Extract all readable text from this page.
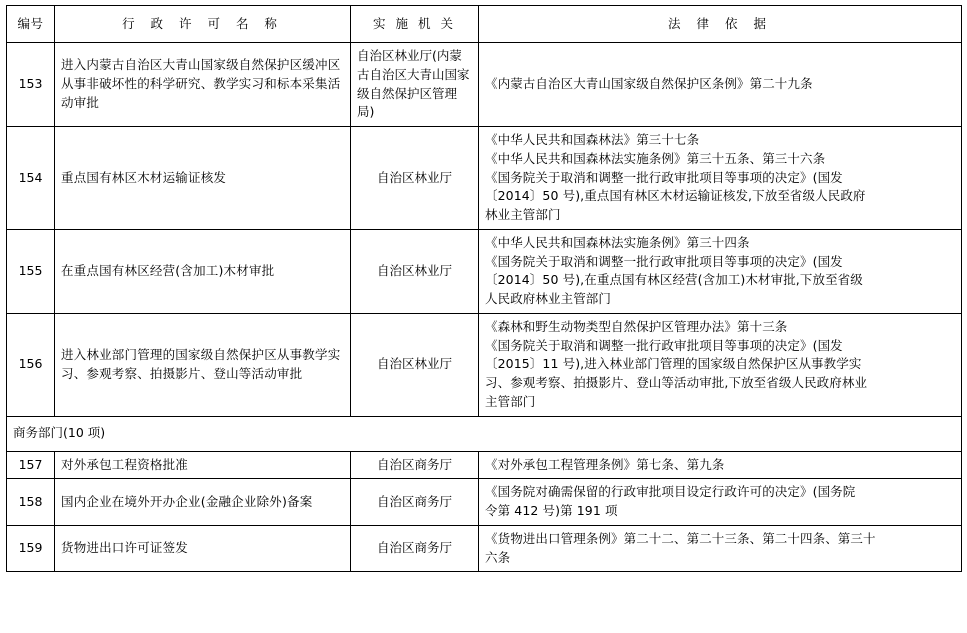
编号	行 政 许 可 名 称	实 施 机 关	法 律 依 据
153	进入内蒙古自治区大青山国家级自然保护区缓冲区从事非破坏性的科学研究、教学实习和标本采集活动审批	自治区林业厅(内蒙古自治区大青山国家级自然保护区管理局)	《内蒙古自治区大青山国家级自然保护区条例》第二十九条

154	重点国有林区木材运输证核发	自治区林业厅	《中华人民共和国森林法》第三十七条
《中华人民共和国森林法实施条例》第三十五条、第三十六条
《国务院关于取消和调整一批行政审批项目等事项的决定》(国发
〔2014〕50 号),重点国有林区木材运输证核发,下放至省级人民政府
林业主管部门

155	在重点国有林区经营(含加工)木材审批	自治区林业厅	《中华人民共和国森林法实施条例》第三十四条
《国务院关于取消和调整一批行政审批项目等事项的决定》(国发
〔2014〕50 号),在重点国有林区经营(含加工)木材审批,下放至省级
人民政府林业主管部门

156	进入林业部门管理的国家级自然保护区从事教学实习、参观考察、拍摄影片、登山等活动审批	自治区林业厅	《森林和野生动物类型自然保护区管理办法》第十三条
《国务院关于取消和调整一批行政审批项目等事项的决定》(国发
〔2015〕11 号),进入林业部门管理的国家级自然保护区从事教学实
习、参观考察、拍摄影片、登山等活动审批,下放至省级人民政府林业
主管部门

商务部门(10 项)			
157	对外承包工程资格批准	自治区商务厅	《对外承包工程管理条例》第七条、第九条

158	国内企业在境外开办企业(金融企业除外)备案	自治区商务厅	《国务院对确需保留的行政审批项目设定行政许可的决定》(国务院
令第 412 号)第 191 项

159	货物进出口许可证签发	自治区商务厅	《货物进出口管理条例》第二十二、第二十三条、第二十四条、第三十
六条
